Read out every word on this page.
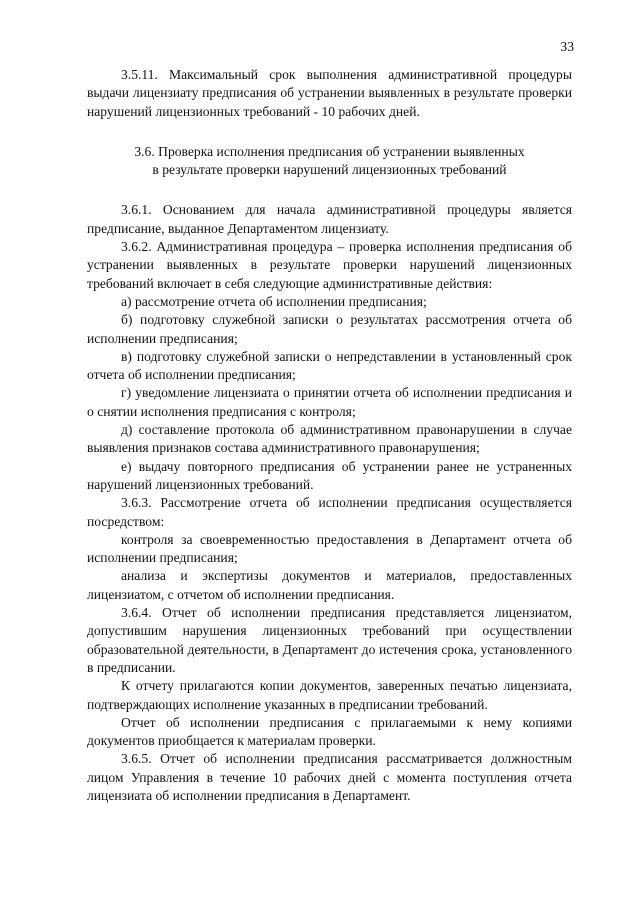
33

3.5.11. Максимальный срок выполнения административной процедуры выдачи лицензиату предписания об устранении выявленных в результате проверки нарушений лицензионных требований - 10 рабочих дней.

3.6. Проверка исполнения предписания об устранении выявленных
в результате проверки нарушений лицензионных требований

3.6.1. Основанием для начала административной процедуры является предписание, выданное Департаментом лицензиату.

3.6.2. Административная процедура – проверка исполнения предписания об устранении выявленных в результате проверки нарушений лицензионных требований включает в себя следующие административные действия:

а) рассмотрение отчета об исполнении предписания;

б) подготовку служебной записки о результатах рассмотрения отчета об исполнении предписания;

в) подготовку служебной записки о непредставлении в установленный срок отчета об исполнении предписания;

г) уведомление лицензиата о принятии отчета об исполнении предписания и о снятии исполнения предписания с контроля;

д) составление протокола об административном правонарушении в случае выявления признаков состава административного правонарушения;

е) выдачу повторного предписания об устранении ранее не устраненных нарушений лицензионных требований.

3.6.3. Рассмотрение отчета об исполнении предписания осуществляется посредством:

контроля за своевременностью предоставления в Департамент отчета об исполнении предписания;

анализа и экспертизы документов и материалов, предоставленных лицензиатом, с отчетом об исполнении предписания.

3.6.4. Отчет об исполнении предписания представляется лицензиатом, допустившим нарушения лицензионных требований при осуществлении образовательной деятельности, в Департамент до истечения срока, установленного в предписании.

К отчету прилагаются копии документов, заверенных печатью лицензиата, подтверждающих исполнение указанных в предписании требований.

Отчет об исполнении предписания с прилагаемыми к нему копиями документов приобщается к материалам проверки.

3.6.5. Отчет об исполнении предписания рассматривается должностным лицом Управления в течение 10 рабочих дней с момента поступления отчета лицензиата об исполнении предписания в Департамент.
